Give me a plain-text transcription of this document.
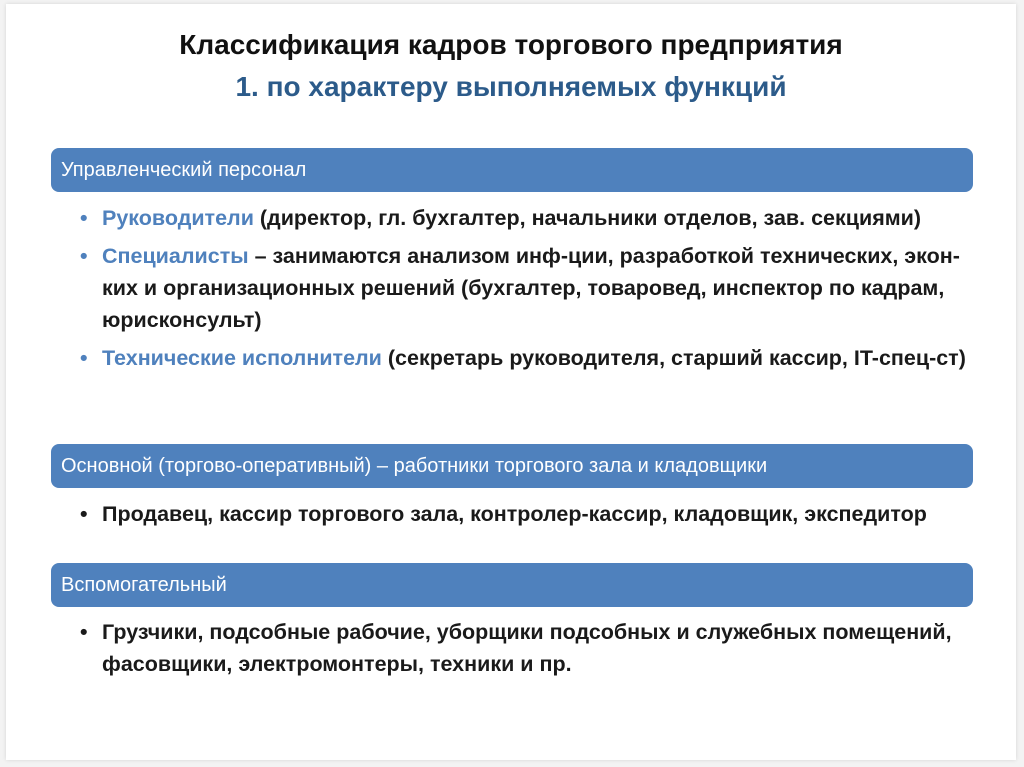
Классификация кадров торгового предприятия
1. по характеру выполняемых функций
Управленческий персонал
• Руководители (директор, гл. бухгалтер, начальники отделов, зав. секциями)
• Специалисты – занимаются анализом инф-ции, разработкой технических, экон-ких и организационных решений (бухгалтер, товаровед, инспектор по кадрам, юрисконсульт)
• Технические исполнители (секретарь руководителя, старший кассир, IT-спец-ст)
Основной (торгово-оперативный) – работники торгового зала и кладовщики
• Продавец, кассир торгового зала, контролер-кассир, кладовщик, экспедитор
Вспомогательный
• Грузчики, подсобные рабочие, уборщики подсобных и служебных помещений, фасовщики, электромонтеры, техники и пр.
